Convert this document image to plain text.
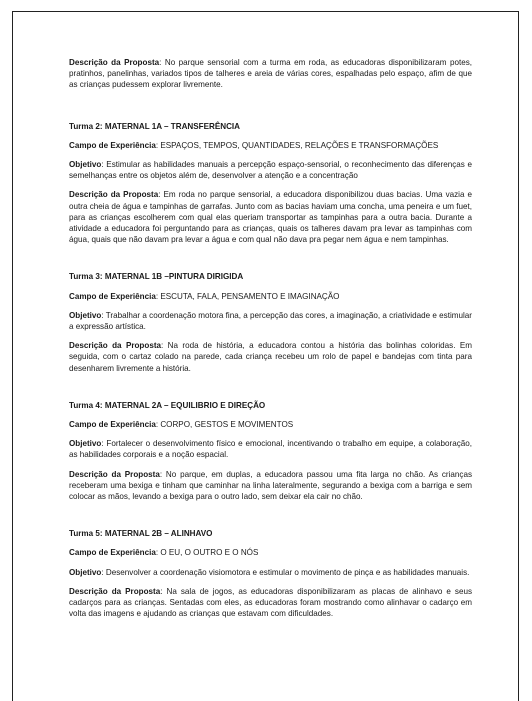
Descrição da Proposta: No parque sensorial com a turma em roda, as educadoras disponibilizaram potes, pratinhos, panelinhas, variados tipos de talheres e areia de várias cores, espalhadas pelo espaço, afim de que as crianças pudessem explorar livremente.

Turma 2: MATERNAL 1A – TRANSFERÊNCIA

Campo de Experiência: ESPAÇOS, TEMPOS, QUANTIDADES, RELAÇÕES E TRANSFORMAÇÕES

Objetivo: Estimular as habilidades manuais a percepção espaço-sensorial, o reconhecimento das diferenças e semelhanças entre os objetos além de, desenvolver a atenção e a concentração

Descrição da Proposta: Em roda no parque sensorial, a educadora disponibilizou duas bacias. Uma vazia e outra cheia de água e tampinhas de garrafas. Junto com as bacias haviam uma concha, uma peneira e um fuet, para as crianças escolherem com qual elas queriam transportar as tampinhas para a outra bacia. Durante a atividade a educadora foi perguntando para as crianças, quais os talheres davam pra levar as tampinhas com água, quais que não davam pra levar a água e com qual não dava pra pegar nem água e nem tampinhas.

Turma 3: MATERNAL 1B –PINTURA DIRIGIDA

Campo de Experiência: ESCUTA, FALA, PENSAMENTO E IMAGINAÇÃO

Objetivo: Trabalhar a coordenação motora fina, a percepção das cores, a imaginação, a criatividade e estimular a expressão artística.

Descrição da Proposta: Na roda de história, a educadora contou a história das bolinhas coloridas. Em seguida, com o cartaz colado na parede, cada criança recebeu um rolo de papel e bandejas com tinta para desenharem livremente a história.

Turma 4: MATERNAL 2A – EQUILIBRIO E DIREÇÃO

Campo de Experiência: CORPO, GESTOS E MOVIMENTOS

Objetivo: Fortalecer o desenvolvimento físico e emocional, incentivando o trabalho em equipe, a colaboração, as habilidades corporais e a noção espacial.

Descrição da Proposta: No parque, em duplas, a educadora passou uma fita larga no chão. As crianças receberam uma bexiga e tinham que caminhar na linha lateralmente, segurando a bexiga com a barriga e sem colocar as mãos, levando a bexiga para o outro lado, sem deixar ela cair no chão.

Turma 5: MATERNAL 2B – ALINHAVO

Campo de Experiência: O EU, O OUTRO E O NÓS

Objetivo: Desenvolver a coordenação visiomotora e estimular o movimento de pinça e as habilidades manuais.

Descrição da Proposta: Na sala de jogos, as educadoras disponibilizaram as placas de alinhavo e seus cadarços para as crianças. Sentadas com eles, as educadoras foram mostrando como alinhavar o cadarço em volta das imagens e ajudando as crianças que estavam com dificuldades.
